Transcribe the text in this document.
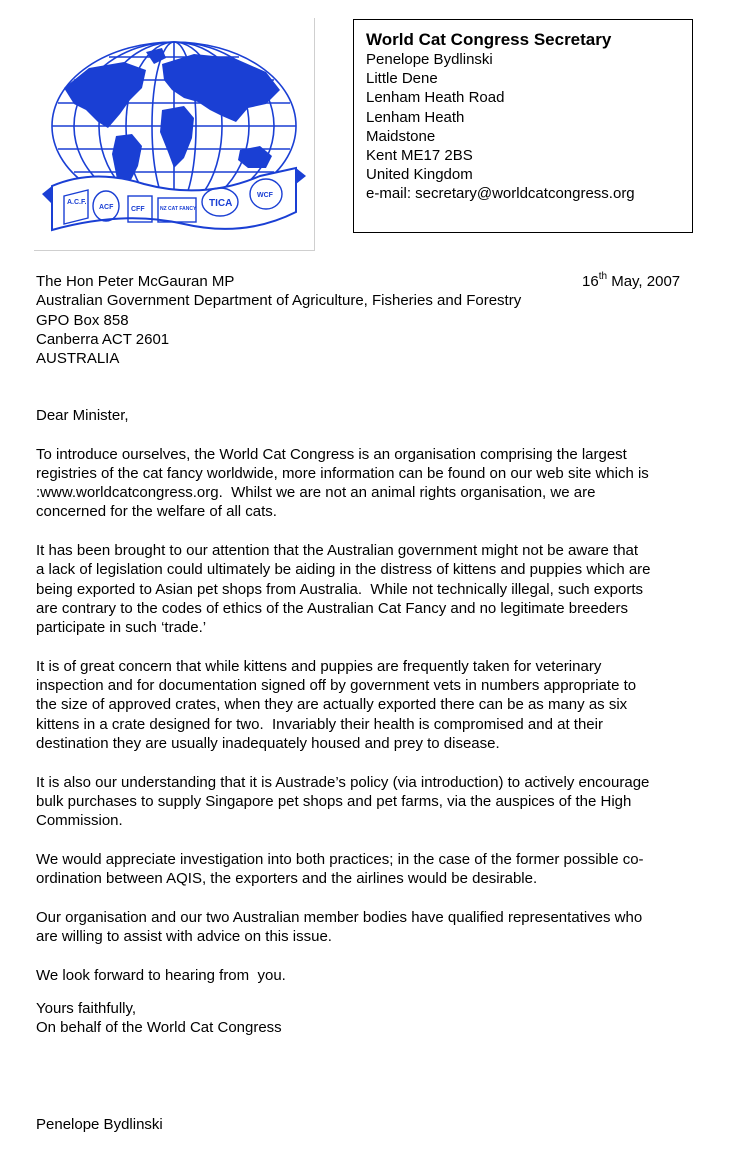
A.C.F.
ACF	CFF	NZ CAT FANCY TICA
WCF
World Cat Congress Secretary
Penelope Bydlinski
Little Dene
Lenham Heath Road
Lenham Heath
Maidstone
Kent ME17 2BS
United Kingdom
e-mail: secretary@worldcatcongress.org
The Hon Peter McGauran MP
Australian Government Department of Agriculture, Fisheries and Forestry
GPO Box 858
Canberra ACT 2601
AUSTRALIA
16th May, 2007

Dear Minister,

To introduce ourselves, the World Cat Congress is an organisation comprising the largest
registries of the cat fancy worldwide, more information can be found on our web site which is
:www.worldcatcongress.org.  Whilst we are not an animal rights organisation, we are
concerned for the welfare of all cats.

It has been brought to our attention that the Australian government might not be aware that
a lack of legislation could ultimately be aiding in the distress of kittens and puppies which are
being exported to Asian pet shops from Australia.  While not technically illegal, such exports
are contrary to the codes of ethics of the Australian Cat Fancy and no legitimate breeders
participate in such ‘trade.’

It is of great concern that while kittens and puppies are frequently taken for veterinary
inspection and for documentation signed off by government vets in numbers appropriate to
the size of approved crates, when they are actually exported there can be as many as six
kittens in a crate designed for two.  Invariably their health is compromised and at their
destination they are usually inadequately housed and prey to disease.

It is also our understanding that it is Austrade’s policy (via introduction) to actively encourage
bulk purchases to supply Singapore pet shops and pet farms, via the auspices of the High
Commission.

We would appreciate investigation into both practices; in the case of the former possible co-
ordination between AQIS, the exporters and the airlines would be desirable.

Our organisation and our two Australian member bodies have qualified representatives who
are willing to assist with advice on this issue.

We look forward to hearing from  you.

Yours faithfully,
On behalf of the World Cat Congress
Penelope Bydlinski
